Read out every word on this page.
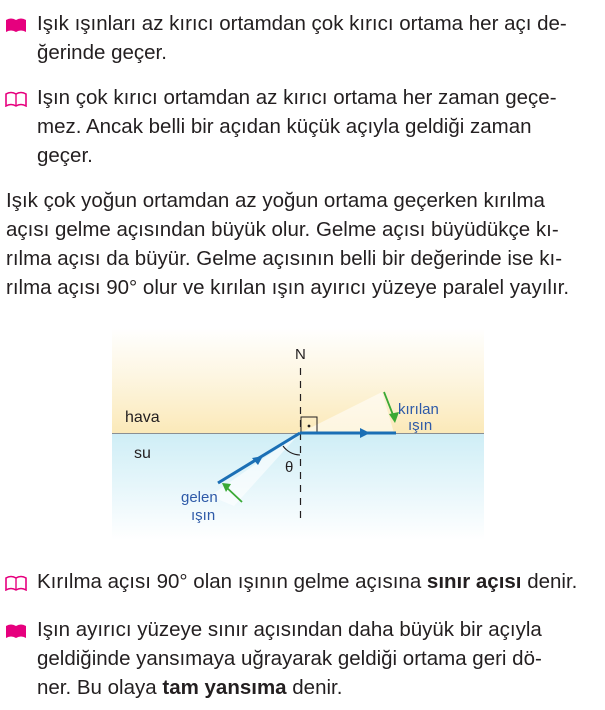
Işık ışınları az kırıcı ortamdan çok kırıcı ortama her açı de-
ğerinde geçer.
Işın çok kırıcı ortamdan az kırıcı ortama her zaman geçe-
mez. Ancak belli bir açıdan küçük açıyla geldiği zaman
geçer.
Işık çok yoğun ortamdan az yoğun ortama geçerken kırılma
açısı gelme açısından büyük olur. Gelme açısı büyüdükçe kı-
rılma açısı da büyür. Gelme açısının belli bir değerinde ise kı-
rılma açısı 90° olur ve kırılan ışın ayırıcı yüzeye paralel yayılır.
N
hava
su
θ
kırılan
ışın
gelen
ışın
Kırılma açısı 90° olan ışının gelme açısına sınır açısı denir.
Işın ayırıcı yüzeye sınır açısından daha büyük bir açıyla
geldiğinde yansımaya uğrayarak geldiği ortama geri dö-
ner. Bu olaya tam yansıma denir.
